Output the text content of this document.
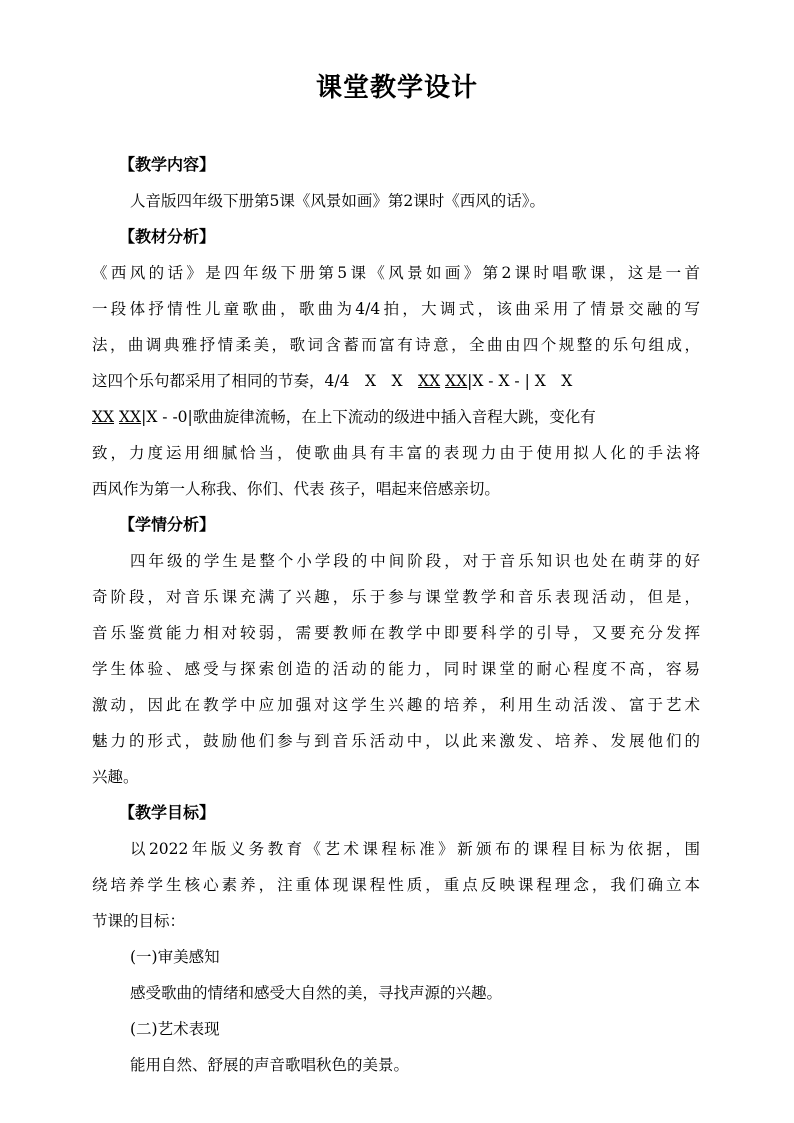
课堂教学设计
【教学内容】
人音版四年级下册第5课《风景如画》第2课时《西风的话》。
【教材分析】
《西风的话》是四年级下册第5课《风景如画》第2课时唱歌课，这是一首
一段体抒情性儿童歌曲，歌曲为4/4拍，大调式，该曲采用了情景交融的写
法，曲调典雅抒情柔美，歌词含蓄而富有诗意，全曲由四个规整的乐句组成，
这四个乐句都采用了相同的节奏，4/4　X　X　XX XX|X - X - | X　X
XX XX|X - -0|歌曲旋律流畅，在上下流动的级进中插入音程大跳，变化有
致，力度运用细腻恰当，使歌曲具有丰富的表现力由于使用拟人化的手法将
西风作为第一人称我、你们、代表 孩子，唱起来倍感亲切。
【学情分析】
四年级的学生是整个小学段的中间阶段，对于音乐知识也处在萌芽的好
奇阶段，对音乐课充满了兴趣，乐于参与课堂教学和音乐表现活动，但是，
音乐鉴赏能力相对较弱，需要教师在教学中即要科学的引导，又要充分发挥
学生体验、感受与探索创造的活动的能力，同时课堂的耐心程度不高，容易
激动，因此在教学中应加强对这学生兴趣的培养，利用生动活泼、富于艺术
魅力的形式，鼓励他们参与到音乐活动中，以此来激发、培养、发展他们的
兴趣。
【教学目标】
以2022年版义务教育《艺术课程标准》新颁布的课程目标为依据，围
绕培养学生核心素养，注重体现课程性质，重点反映课程理念，我们确立本
节课的目标：
(一)审美感知
感受歌曲的情绪和感受大自然的美，寻找声源的兴趣。
(二)艺术表现
能用自然、舒展的声音歌唱秋色的美景。
